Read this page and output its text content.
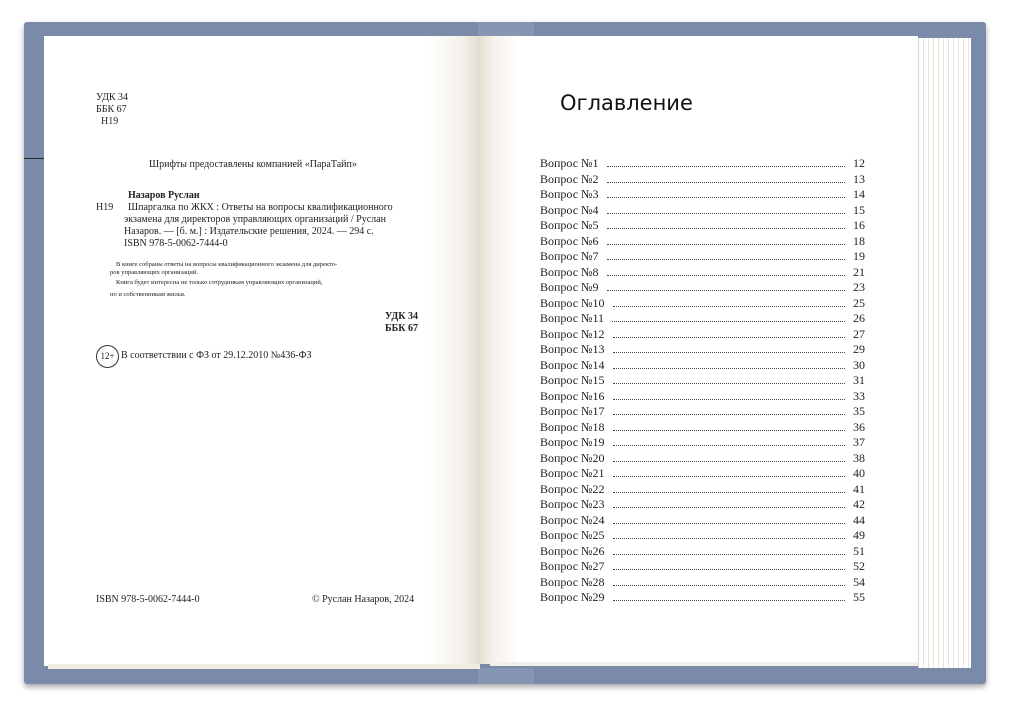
УДК 34
ББК 67
Н19
Шрифты предоставлены компанией «ПараТайп»
Назаров Руслан
Н19 Шпаргалка по ЖКХ : Ответы на вопросы квалификационного
экзамена для директоров управляющих организаций / Руслан
Назаров. — [б. м.] : Издательские решения, 2024. — 294 с.
ISBN 978-5-0062-7444-0
В книге собраны ответы на вопросы квалификационного экзамена для директо-
ров управляющих организаций.
Книга будет интересна не только сотрудникам управляющих организаций,
но и собственникам жилья.
УДК 34
ББК 67
12+ В соответствии с ФЗ от 29.12.2010 №436-ФЗ
ISBN 978-5-0062-7444-0	© Руслан Назаров, 2024
Оглавление
Вопрос №1	12
Вопрос №2	13
Вопрос №3	14
Вопрос №4	15
Вопрос №5	16
Вопрос №6	18
Вопрос №7	19
Вопрос №8	21
Вопрос №9	23
Вопрос №10	25
Вопрос №11	26
Вопрос №12	27
Вопрос №13	29
Вопрос №14	30
Вопрос №15	31
Вопрос №16	33
Вопрос №17	35
Вопрос №18	36
Вопрос №19	37
Вопрос №20	38
Вопрос №21	40
Вопрос №22	41
Вопрос №23	42
Вопрос №24	44
Вопрос №25	49
Вопрос №26	51
Вопрос №27	52
Вопрос №28	54
Вопрос №29	55
